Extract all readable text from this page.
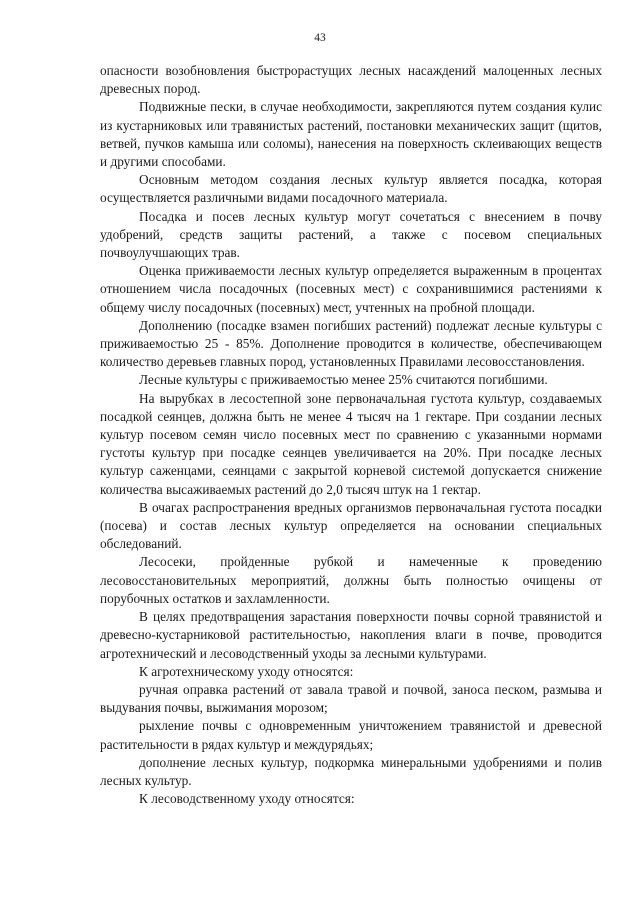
43

опасности возобновления быстрорастущих лесных насаждений малоценных лесных древесных пород.

Подвижные пески, в случае необходимости, закрепляются путем создания кулис из кустарниковых или травянистых растений, постановки механических защит (щитов, ветвей, пучков камыша или соломы), нанесения на поверхность склеивающих веществ и другими способами.

Основным методом создания лесных культур является посадка, которая осуществляется различными видами посадочного материала.

Посадка и посев лесных культур могут сочетаться с внесением в почву удобрений, средств защиты растений, а также с посевом специальных почвоулучшающих трав.

Оценка приживаемости лесных культур определяется выраженным в процентах отношением числа посадочных (посевных мест) с сохранившимися растениями к общему числу посадочных (посевных) мест, учтенных на пробной площади.

Дополнению (посадке взамен погибших растений) подлежат лесные культуры с приживаемостью 25 - 85%. Дополнение проводится в количестве, обеспечивающем количество деревьев главных пород, установленных Правилами лесовосстановления.

Лесные культуры с приживаемостью менее 25% считаются погибшими.

На вырубках в лесостепной зоне первоначальная густота культур, создаваемых посадкой сеянцев, должна быть не менее 4 тысяч на 1 гектаре. При создании лесных культур посевом семян число посевных мест по сравнению с указанными нормами густоты культур при посадке сеянцев увеличивается на 20%. При посадке лесных культур саженцами, сеянцами с закрытой корневой системой допускается снижение количества высаживаемых растений до 2,0 тысяч штук на 1 гектар.

В очагах распространения вредных организмов первоначальная густота посадки (посева) и состав лесных культур определяется на основании специальных обследований.

Лесосеки, пройденные рубкой и намеченные к проведению лесовосстановительных мероприятий, должны быть полностью очищены от порубочных остатков и захламленности.

В целях предотвращения зарастания поверхности почвы сорной травянистой и древесно-кустарниковой растительностью, накопления влаги в почве, проводится агротехнический и лесоводственный уходы за лесными культурами.

К агротехническому уходу относятся:

ручная оправка растений от завала травой и почвой, заноса песком, размыва и выдувания почвы, выжимания морозом;

рыхление почвы с одновременным уничтожением травянистой и древесной растительности в рядах культур и междурядьях;

дополнение лесных культур, подкормка минеральными удобрениями и полив лесных культур.

К лесоводственному уходу относятся:
